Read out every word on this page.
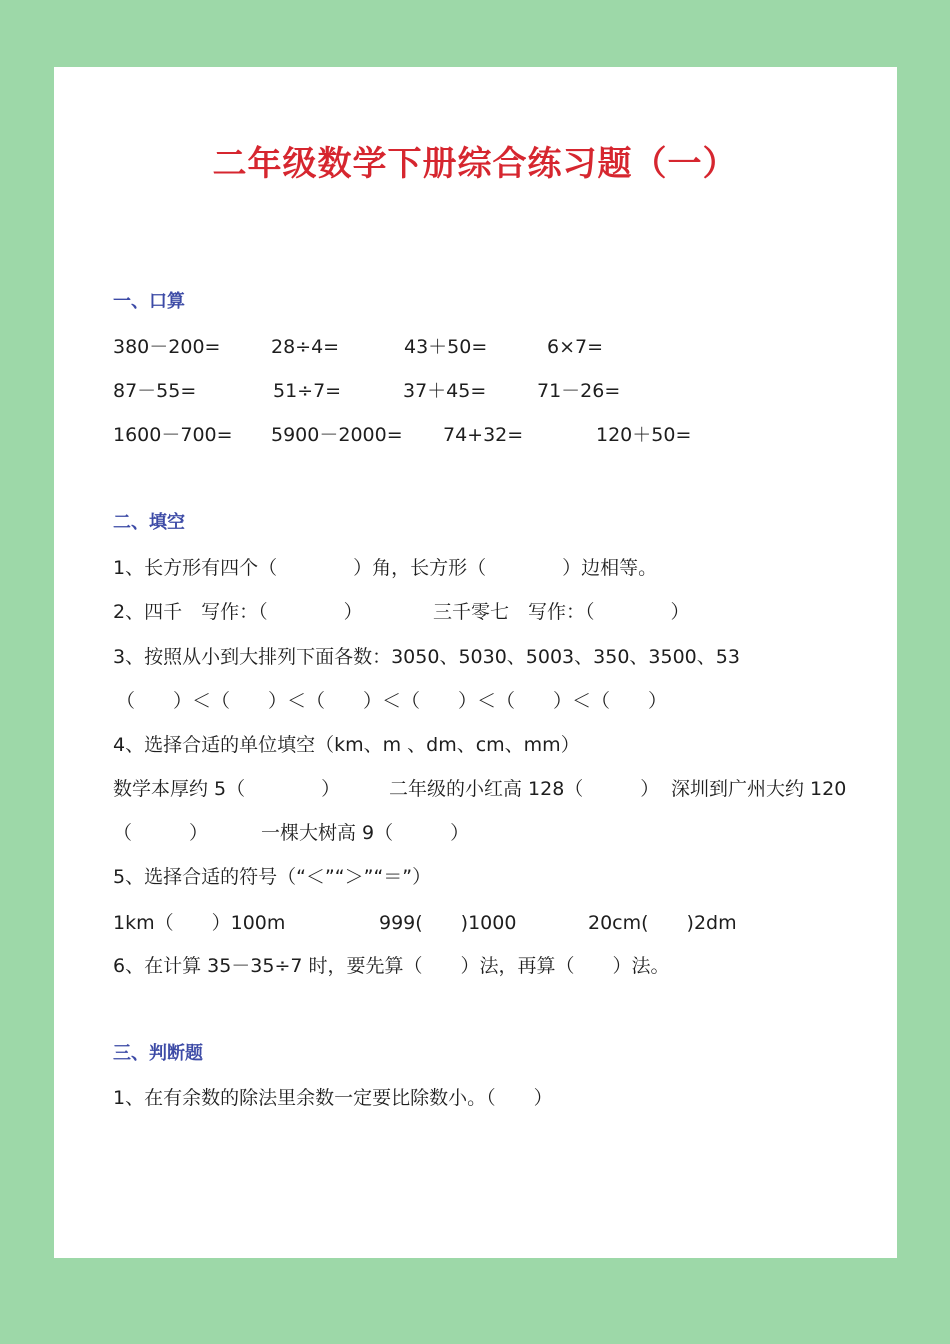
二年级数学下册综合练习题（一）
一、口算
380－200=	28÷4=	43＋50=	6×7=
87－55=	51÷7=	37＋45=	71－26=
1600－700= 5900－2000= 74+32=	120＋50=
二、填空
1、长方形有四个（　　　　）角，长方形（　　　　）边相等。
2、四千　写作：（　　　　）	三千零七　写作：（　　　　）
3、按照从小到大排列下面各数：3050、5030、5003、350、3500、53
（　　）＜（　　）＜（　　）＜（　　）＜（　　）＜（　　）
4、选择合适的单位填空（km、m 、dm、cm、mm）
数学本厚约 5（　　　　）	二年级的小红高 128（　　　） 深圳到广州大约 120
（　　　）	一棵大树高 9（　　　）
5、选择合适的符号（“＜”“＞”“＝”）
1km（　　）100m	999(　　)1000	20cm(　　)2dm
6、在计算 35－35÷7 时，要先算（　　）法，再算（　　）法。
三、判断题
1、在有余数的除法里余数一定要比除数小。（　　）
